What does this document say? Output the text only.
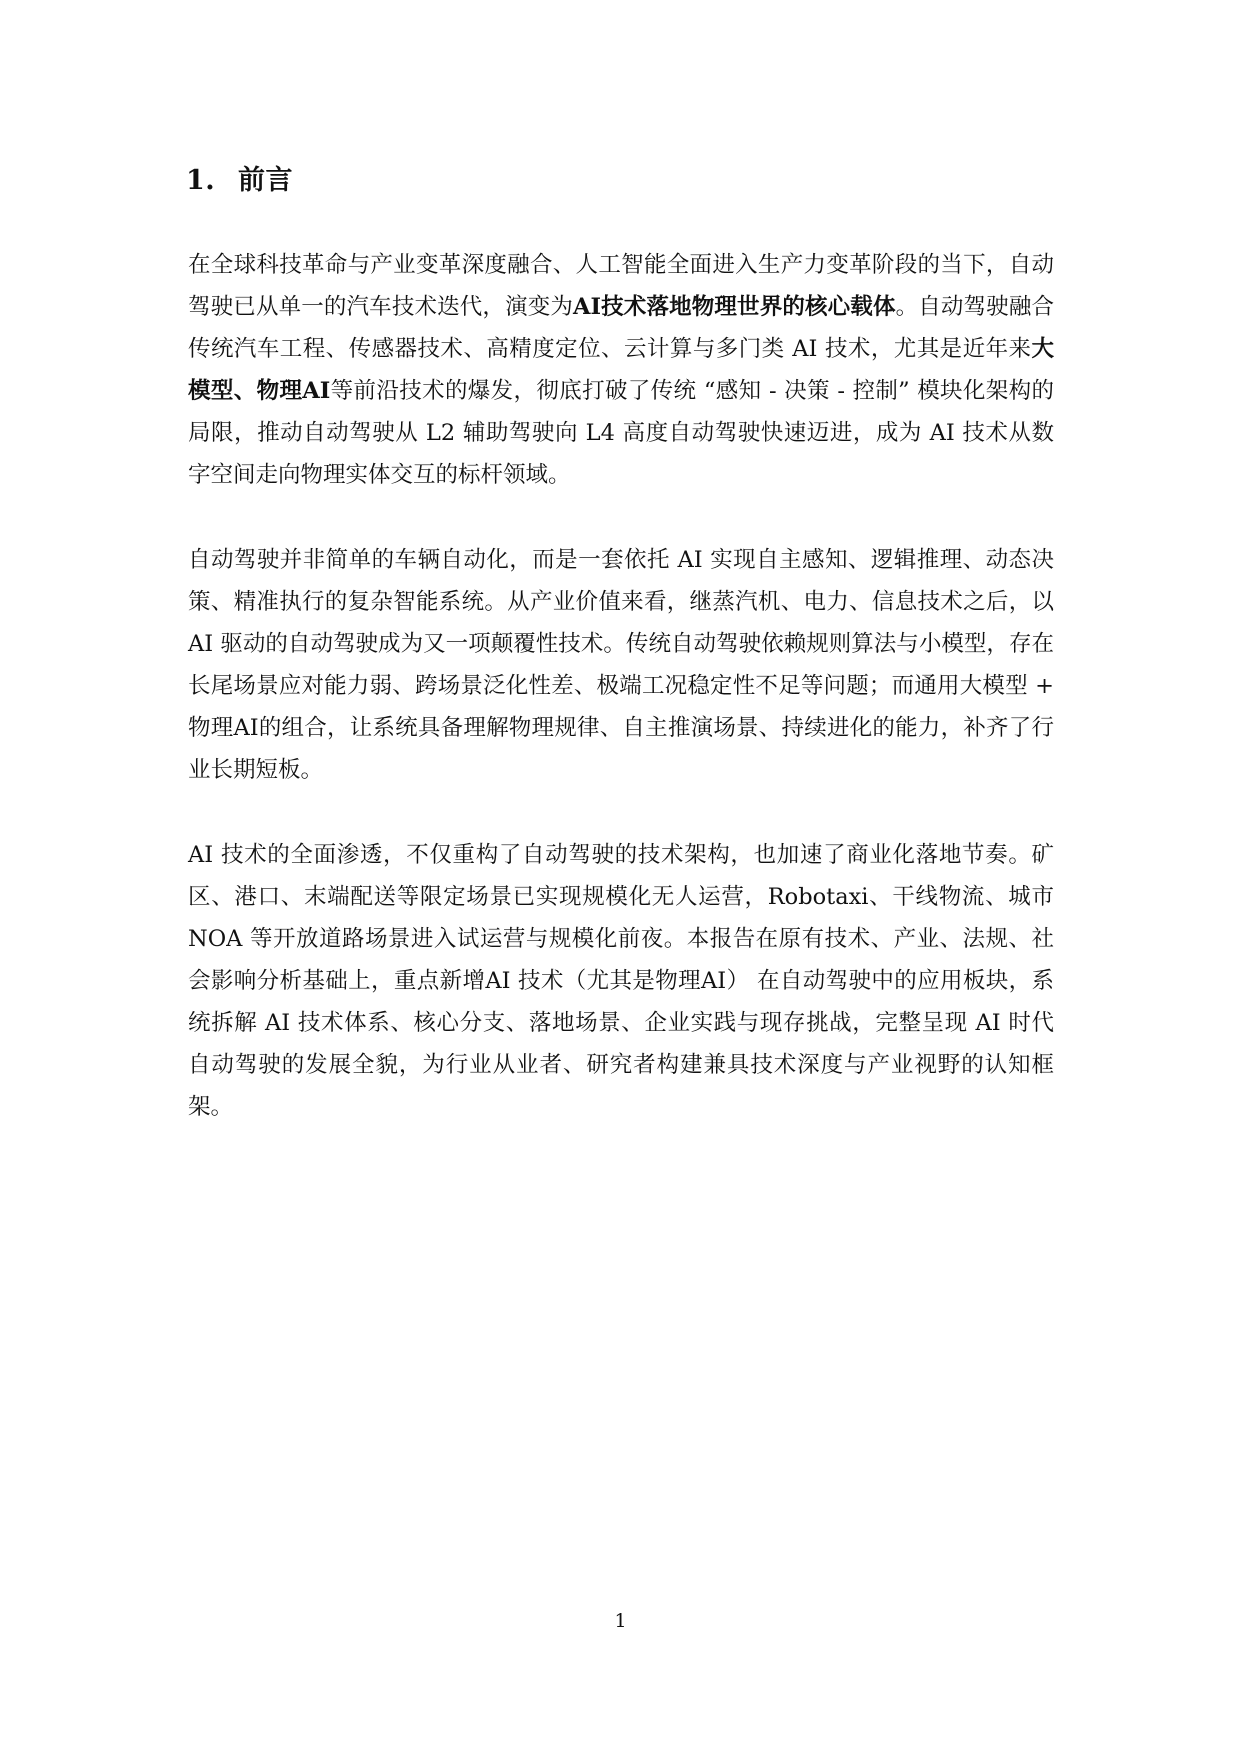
1. 前言

在全球科技革命与产业变革深度融合、人工智能全面进入生产力变革阶段的当下，自动驾驶已从单一的汽车技术迭代，演变为AI技术落地物理世界的核心载体。自动驾驶融合传统汽车工程、传感器技术、高精度定位、云计算与多门类 AI 技术，尤其是近年来大模型、物理AI等前沿技术的爆发，彻底打破了传统 “感知 - 决策 - 控制” 模块化架构的局限，推动自动驾驶从 L2 辅助驾驶向 L4 高度自动驾驶快速迈进，成为 AI 技术从数字空间走向物理实体交互的标杆领域。

自动驾驶并非简单的车辆自动化，而是一套依托 AI 实现自主感知、逻辑推理、动态决策、精准执行的复杂智能系统。从产业价值来看，继蒸汽机、电力、信息技术之后，以 AI 驱动的自动驾驶成为又一项颠覆性技术。传统自动驾驶依赖规则算法与小模型，存在长尾场景应对能力弱、跨场景泛化性差、极端工况稳定性不足等问题；而通用大模型 + 物理AI的组合，让系统具备理解物理规律、自主推演场景、持续进化的能力，补齐了行业长期短板。

AI 技术的全面渗透，不仅重构了自动驾驶的技术架构，也加速了商业化落地节奏。矿区、港口、末端配送等限定场景已实现规模化无人运营，Robotaxi、干线物流、城市 NOA 等开放道路场景进入试运营与规模化前夜。本报告在原有技术、产业、法规、社会影响分析基础上，重点新增AI 技术（尤其是物理AI） 在自动驾驶中的应用板块，系统拆解 AI 技术体系、核心分支、落地场景、企业实践与现存挑战，完整呈现 AI 时代自动驾驶的发展全貌，为行业从业者、研究者构建兼具技术深度与产业视野的认知框架。

1
